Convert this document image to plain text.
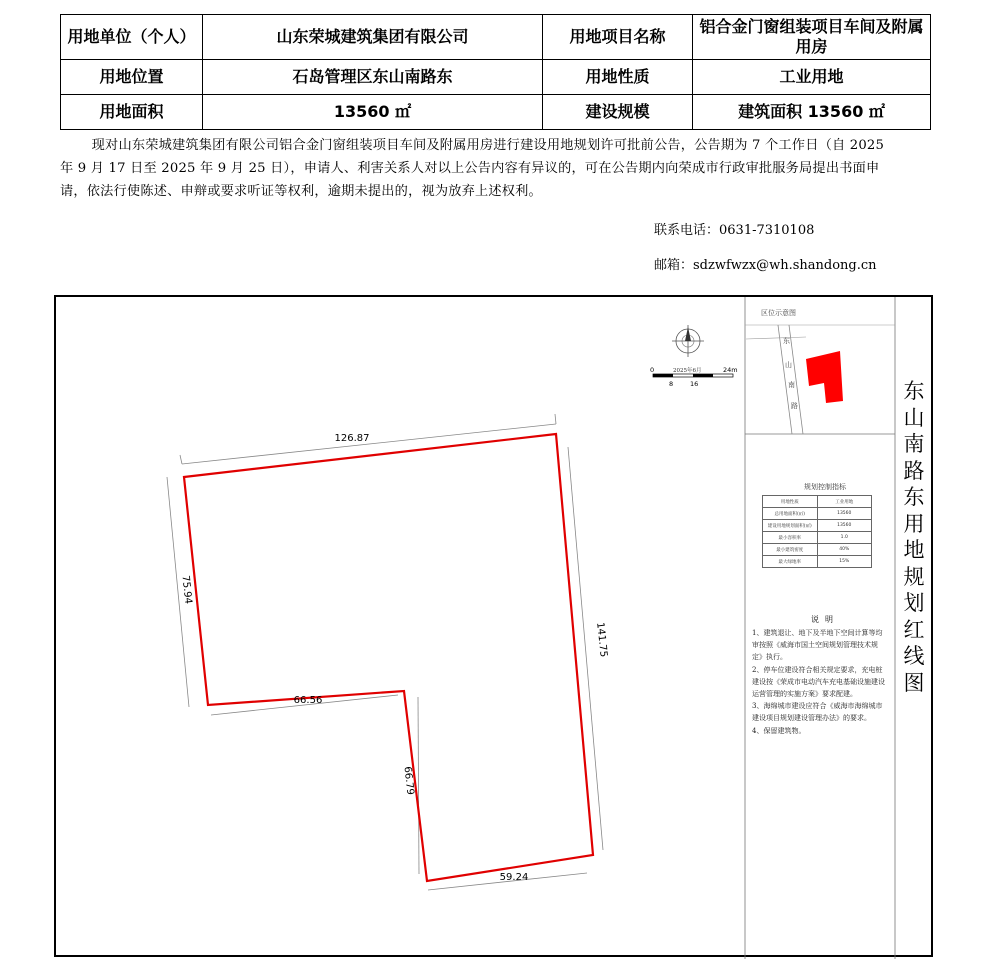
用地单位（个人）	山东荣城建筑集团有限公司	用地项目名称	铝合金门窗组装项目车间及附属用房
用地位置	石岛管理区东山南路东	用地性质	工业用地
用地面积	13560 ㎡	建设规模	建筑面积 13560 ㎡
现对山东荣城建筑集团有限公司铝合金门窗组装项目车间及附属用房进行建设用地规划许可批前公告，公告期为 7 个工作日（自 2025 年 9 月 17 日至 2025 年 9 月 25 日），申请人、利害关系人对以上公告内容有异议的，可在公告期内向荣成市行政审批服务局提出书面申请，依法行使陈述、申辩或要求听证等权利，逾期未提出的，视为放弃上述权利。
联系电话：0631-7310108
邮箱：sdzwfwzx@wh.shandong.cn
区位示意图
东
山
南
路
0
8	16
24m
2025年6月
126.87
75.94
141.75
66.56
66.79
59.24
东山南路东用地规划红线图
规划控制指标
用地性质	工业用地
总用地面积(㎡)	13560
建设用地规划面积(㎡)	13560
最小容积率	1.0
最小建筑密度	40%
最大绿地率	15%
说明
1、建筑退让、地下及半地下空间计算等均审按照《威海市国土空间规划管理技术规定》执行。
2、停车位建设符合相关规定要求，充电桩建设按《荣成市电动汽车充电基础设施建设运营管理的实施方案》要求配建。
3、海绵城市建设应符合《威海市海绵城市建设项目规划建设管理办法》的要求。
4、保留建筑物。
